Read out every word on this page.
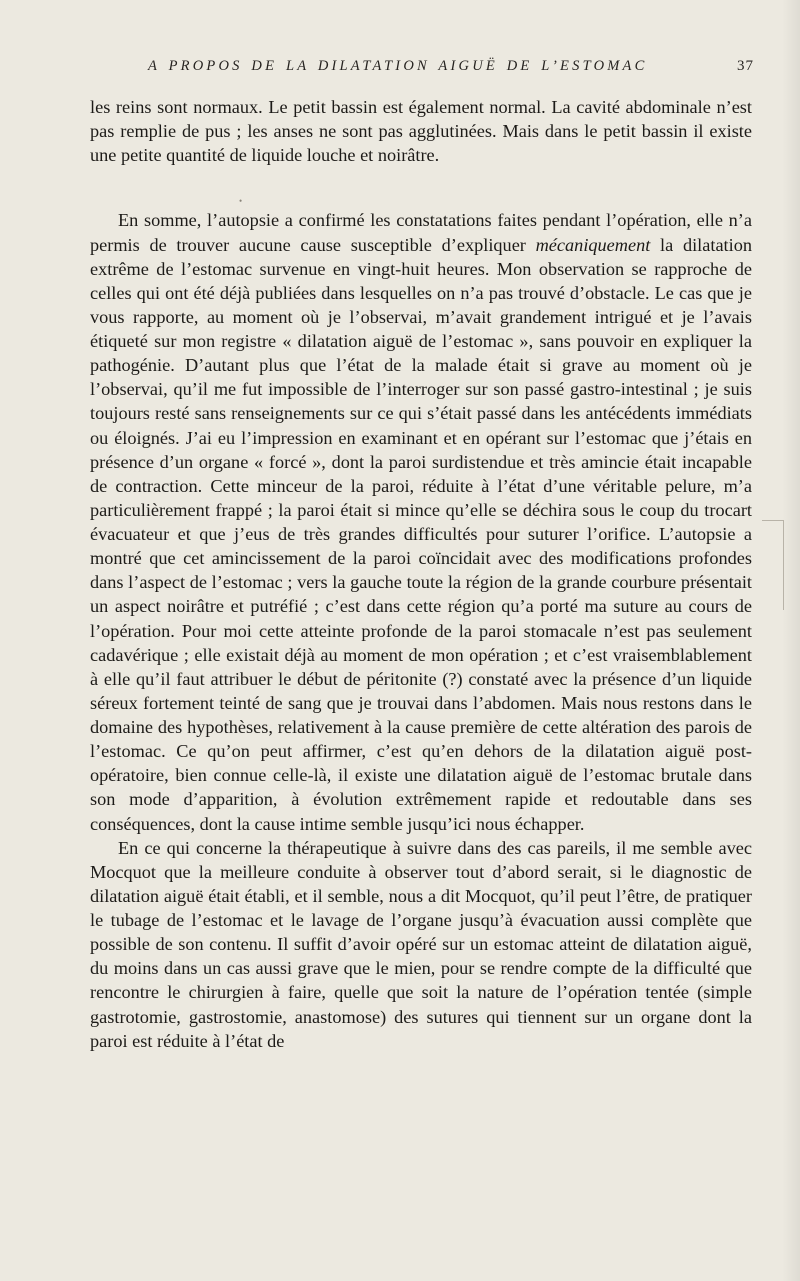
A PROPOS DE LA DILATATION AIGUË DE L’ESTOMAC	37
•

les reins sont normaux. Le petit bassin est également normal. La cavité abdominale n’est pas remplie de pus ; les anses ne sont pas agglutinées. Mais dans le petit bassin il existe une petite quantité de liquide louche et noirâtre.

En somme, l’autopsie a confirmé les constatations faites pendant l’opération, elle n’a permis de trouver aucune cause susceptible d’expliquer mécaniquement la dilatation extrême de l’estomac survenue en vingt-huit heures. Mon observation se rapproche de celles qui ont été déjà publiées dans lesquelles on n’a pas trouvé d’obstacle. Le cas que je vous rapporte, au moment où je l’observai, m’avait grandement intrigué et je l’avais étiqueté sur mon registre « dilatation aiguë de l’estomac », sans pouvoir en expliquer la pathogénie. D’autant plus que l’état de la malade était si grave au moment où je l’observai, qu’il me fut impossible de l’interroger sur son passé gastro-intestinal ; je suis toujours resté sans renseignements sur ce qui s’était passé dans les antécédents immédiats ou éloignés. J’ai eu l’impression en examinant et en opérant sur l’estomac que j’étais en présence d’un organe « forcé », dont la paroi surdistendue et très amincie était incapable de contraction. Cette minceur de la paroi, réduite à l’état d’une véritable pelure, m’a particulièrement frappé ; la paroi était si mince qu’elle se déchira sous le coup du trocart évacuateur et que j’eus de très grandes difficultés pour suturer l’orifice. L’autopsie a montré que cet amincissement de la paroi coïncidait avec des modifications profondes dans l’aspect de l’estomac ; vers la gauche toute la région de la grande courbure présentait un aspect noirâtre et putréfié ; c’est dans cette région qu’a porté ma suture au cours de l’opération. Pour moi cette atteinte profonde de la paroi stomacale n’est pas seulement cadavérique ; elle existait déjà au moment de mon opération ; et c’est vraisemblablement à elle qu’il faut attribuer le début de péritonite (?) constaté avec la présence d’un liquide séreux fortement teinté de sang que je trouvai dans l’abdomen. Mais nous restons dans le domaine des hypothèses, relativement à la cause première de cette altération des parois de l’estomac. Ce qu’on peut affirmer, c’est qu’en dehors de la dilatation aiguë post-opératoire, bien connue celle-là, il existe une dilatation aiguë de l’estomac brutale dans son mode d’apparition, à évolution extrêmement rapide et redoutable dans ses conséquences, dont la cause intime semble jusqu’ici nous échapper.

En ce qui concerne la thérapeutique à suivre dans des cas pareils, il me semble avec Mocquot que la meilleure conduite à observer tout d’abord serait, si le diagnostic de dilatation aiguë était établi, et il semble, nous a dit Mocquot, qu’il peut l’être, de pratiquer le tubage de l’estomac et le lavage de l’organe jusqu’à évacuation aussi complète que possible de son contenu. Il suffit d’avoir opéré sur un estomac atteint de dilatation aiguë, du moins dans un cas aussi grave que le mien, pour se rendre compte de la difficulté que rencontre le chirurgien à faire, quelle que soit la nature de l’opération tentée (simple gastrotomie, gastrostomie, anastomose) des sutures qui tiennent sur un organe dont la paroi est réduite à l’état de
